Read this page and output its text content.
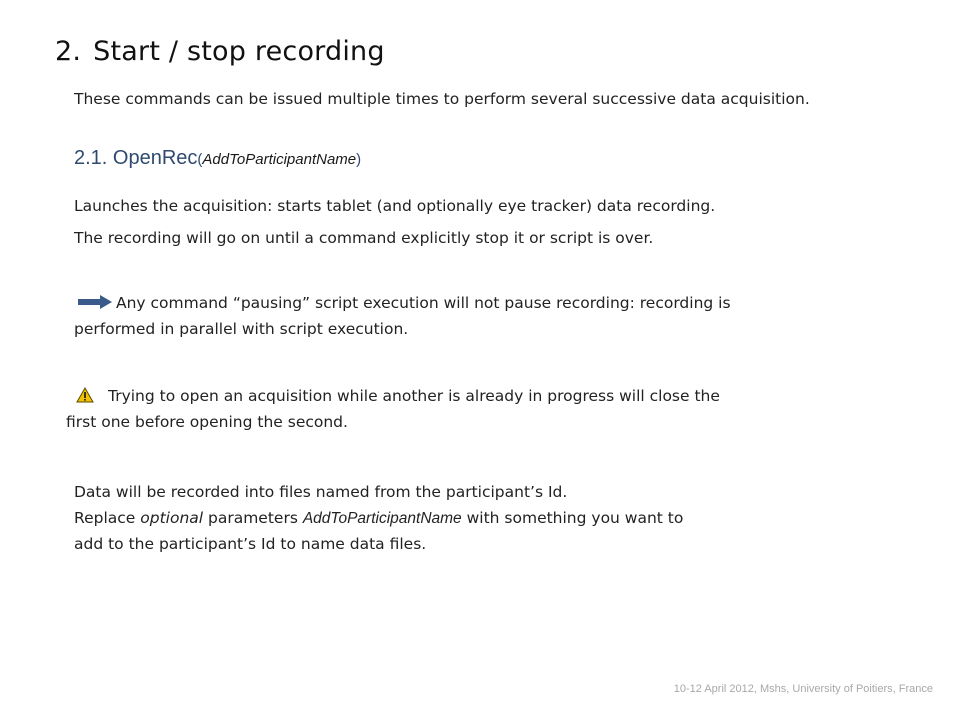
2. Start / stop recording
These commands can be issued multiple times to perform several successive data acquisition.
2.1. OpenRec(AddToParticipantName)
Launches the acquisition: starts tablet (and optionally eye tracker) data recording.
The recording will go on until a command explicitly stop it or script is over.
Any command “pausing” script execution will not pause recording: recording is
performed in parallel with script execution.
Trying to open an acquisition while another is already in progress will close the
first one before opening the second.
Data will be recorded into files named from the participant’s Id.
Replace optional parameters AddToParticipantName with something you want to
add to the participant’s Id to name data files.
10-12 April 2012, Mshs, University of Poitiers, France
